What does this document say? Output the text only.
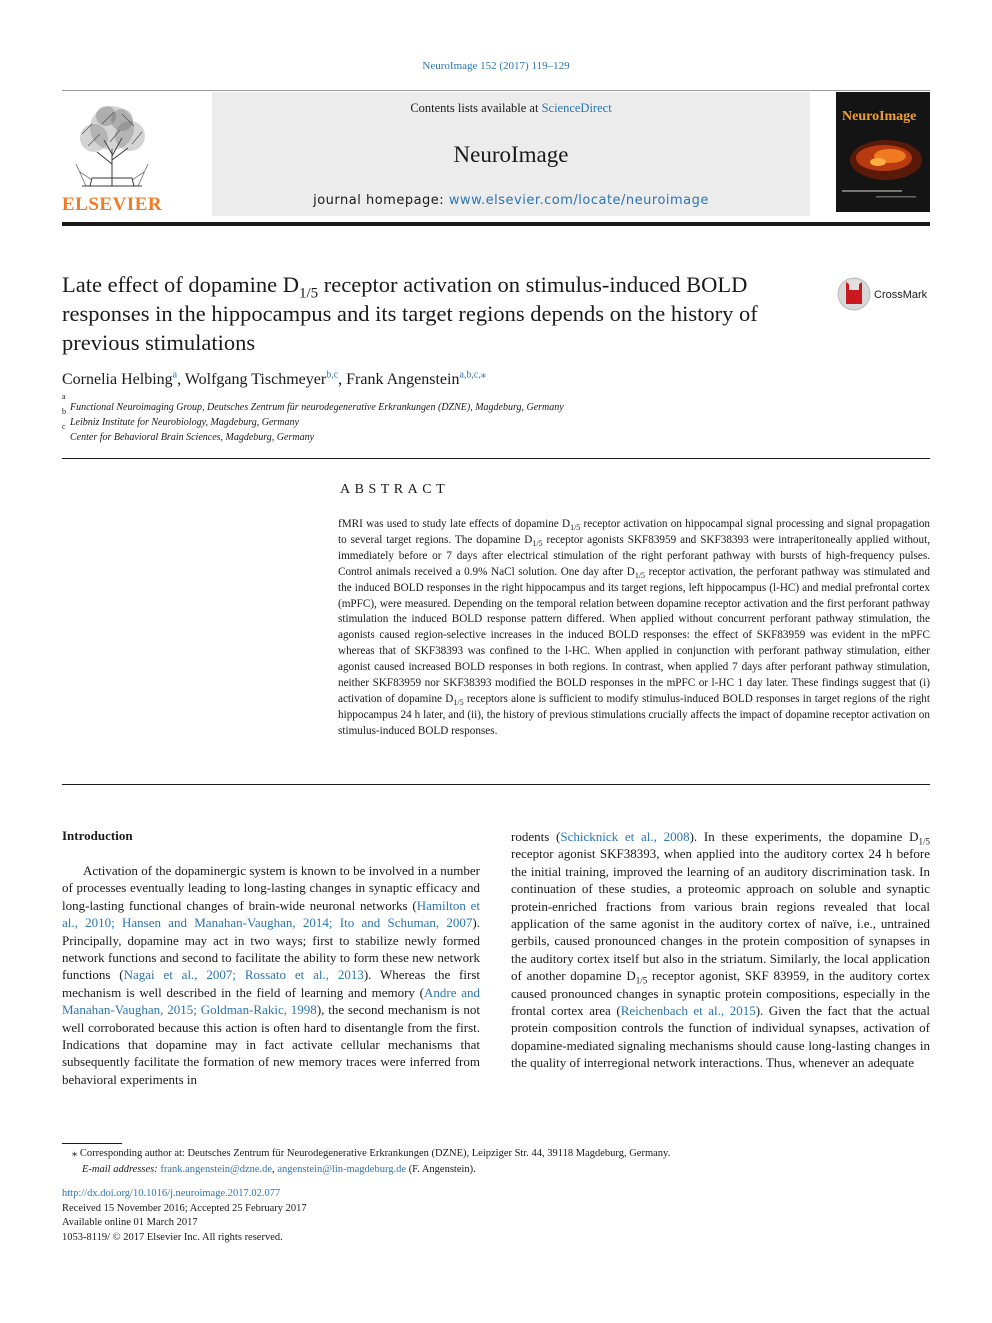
NeuroImage 152 (2017) 119–129
ELSEVIER
Contents lists available at ScienceDirect
NeuroImage
journal homepage: www.elsevier.com/locate/neuroimage
NeuroImage
Late effect of dopamine $D_{1/5}$ receptor activation on stimulus-induced BOLD responses in the hippocampus and its target regions depends on the history of previous stimulations
CrossMark
Cornelia Helbing$^a$, Wolfgang Tischmeyer$^{b,c}$, Frank Angenstein$^{a,b,c,⁎}$
a
Functional Neuroimaging Group, Deutsches Zentrum für neurodegenerative Erkrankungen (DZNE), Magdeburg, Germany
b
Leibniz Institute for Neurobiology, Magdeburg, Germany
c
Center for Behavioral Brain Sciences, Magdeburg, Germany
ABSTRACT
fMRI was used to study late effects of dopamine $D_{1/5}$ receptor activation on hippocampal signal processing and signal propagation to several target regions. The dopamine $D_{1/5}$ receptor agonists SKF83959 and SKF38393 were intraperitoneally applied without, immediately before or 7 days after electrical stimulation of the right perforant pathway with bursts of high-frequency pulses. Control animals received a 0.9% NaCl solution. One day after $D_{1/5}$ receptor activation, the perforant pathway was stimulated and the induced BOLD responses in the right hippocampus and its target regions, left hippocampus (l-HC) and medial prefrontal cortex (mPFC), were measured. Depending on the temporal relation between dopamine receptor activation and the first perforant pathway stimulation the induced BOLD response pattern differed. When applied without concurrent perforant pathway stimulation, the agonists caused region-selective increases in the induced BOLD responses: the effect of SKF83959 was evident in the mPFC whereas that of SKF38393 was confined to the l-HC. When applied in conjunction with perforant pathway stimulation, either agonist caused increased BOLD responses in both regions. In contrast, when applied 7 days after perforant pathway stimulation, neither SKF83959 nor SKF38393 modified the BOLD responses in the mPFC or l-HC 1 day later. These findings suggest that (i) activation of dopamine $D_{1/5}$ receptors alone is sufficient to modify stimulus-induced BOLD responses in target regions of the right hippocampus 24 h later, and (ii), the history of previous stimulations crucially affects the impact of dopamine receptor activation on stimulus-induced BOLD responses.
Introduction
Activation of the dopaminergic system is known to be involved in a number of processes eventually leading to long-lasting changes in synaptic efficacy and long-lasting functional changes of brain-wide neuronal networks (Hamilton et al., 2010; Hansen and Manahan-Vaughan, 2014; Ito and Schuman, 2007). Principally, dopamine may act in two ways; first to stabilize newly formed network functions and second to facilitate the ability to form these new network functions (Nagai et al., 2007; Rossato et al., 2013). Whereas the first mechanism is well described in the field of learning and memory (Andre and Manahan-Vaughan, 2015; Goldman-Rakic, 1998), the second mechanism is not well corroborated because this action is often hard to disentangle from the first. Indications that dopamine may in fact activate cellular mechanisms that subsequently facilitate the formation of new memory traces were inferred from behavioral experiments in
rodents (Schicknick et al., 2008). In these experiments, the dopamine $D_{1/5}$ receptor agonist SKF38393, when applied into the auditory cortex 24 h before the initial training, improved the learning of an auditory discrimination task. In continuation of these studies, a proteomic approach on soluble and synaptic protein-enriched fractions from various brain regions revealed that local application of the same agonist in the auditory cortex of naïve, i.e., untrained gerbils, caused pronounced changes in the protein composition of synapses in the auditory cortex itself but also in the striatum. Similarly, the local application of another dopamine $D_{1/5}$ receptor agonist, SKF 83959, in the auditory cortex caused pronounced changes in synaptic protein compositions, especially in the frontal cortex area (Reichenbach et al., 2015). Given the fact that the actual protein composition controls the function of individual synapses, activation of dopamine-mediated signaling mechanisms should cause long-lasting changes in the quality of interregional network interactions. Thus, whenever an adequate
⁎ Corresponding author at: Deutsches Zentrum für Neurodegenerative Erkrankungen (DZNE), Leipziger Str. 44, 39118 Magdeburg, Germany.
E-mail addresses: frank.angenstein@dzne.de, angenstein@lin-magdeburg.de (F. Angenstein).
http://dx.doi.org/10.1016/j.neuroimage.2017.02.077
Received 15 November 2016; Accepted 25 February 2017
Available online 01 March 2017
1053-8119/ © 2017 Elsevier Inc. All rights reserved.
